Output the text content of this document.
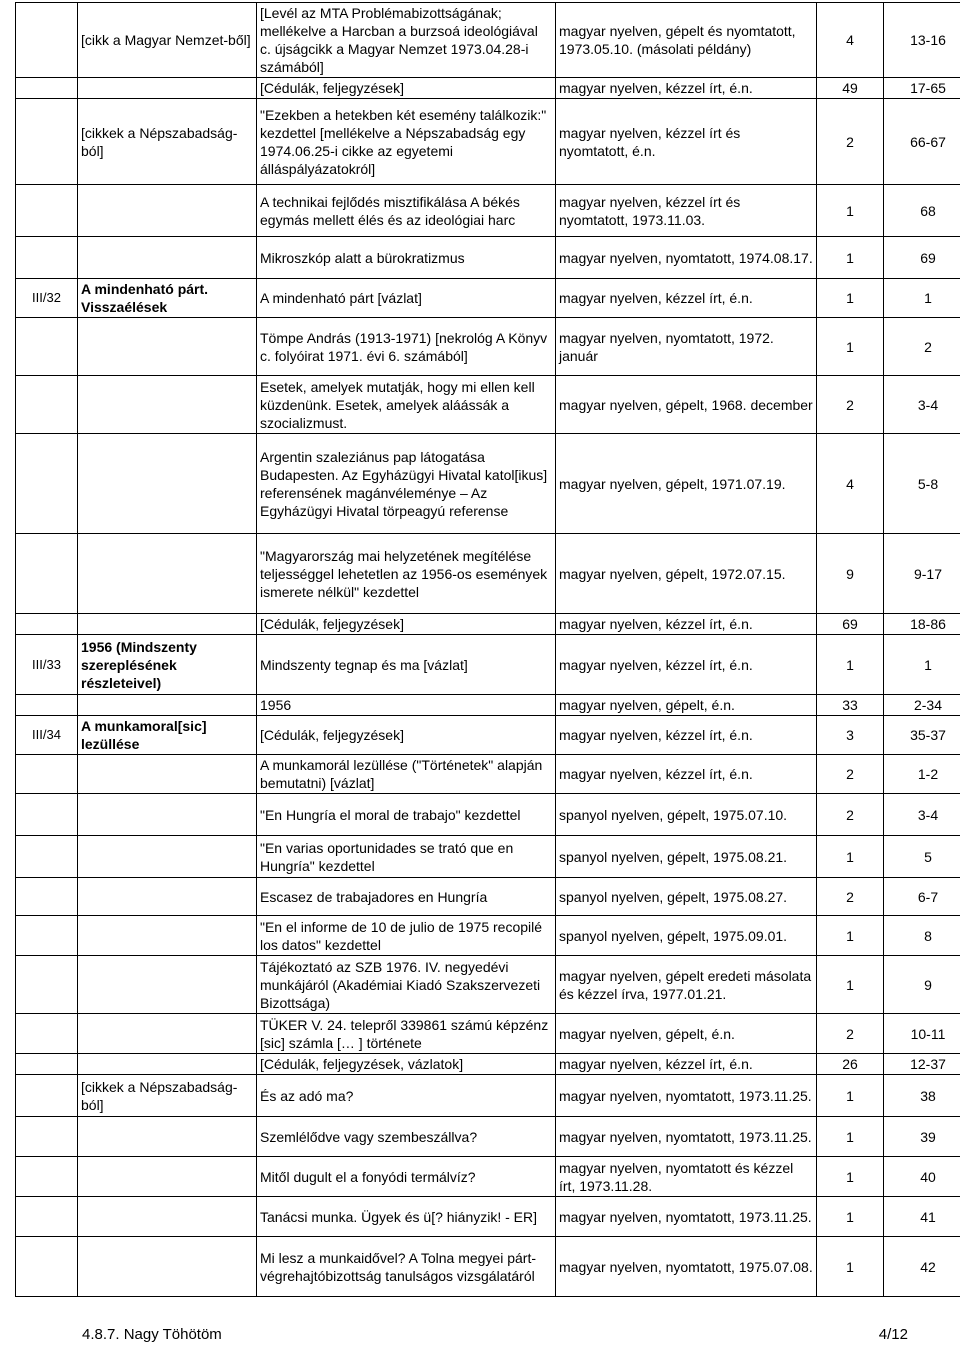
	[cikk a Magyar Nemzet-ből]	[Levél az MTA Problémabizottságának; mellékelve a Harcban a burzsoá ideológiával c. újságcikk a Magyar Nemzet 1973.04.28-i számából]	magyar nyelven, gépelt és nyomtatott, 1973.05.10. (másolati példány)	4	13-16
		[Cédulák, feljegyzések]	magyar nyelven, kézzel írt, é.n.	49	17-65
	[cikkek a Népszabadság-ból]	"Ezekben a hetekben két esemény találkozik:" kezdettel [mellékelve a Népszabadság egy 1974.06.25-i cikke az egyetemi álláspályázatokról]	magyar nyelven, kézzel írt és nyomtatott, é.n.	2	66-67
		A technikai fejlődés misztifikálása A békés egymás mellett élés és az ideológiai harc	magyar nyelven, kézzel írt és nyomtatott, 1973.11.03.	1	68
		Mikroszkóp alatt a bürokratizmus	magyar nyelven, nyomtatott, 1974.08.17.	1	69
III/32	A mindenható párt. Visszaélések	A mindenható párt [vázlat]	magyar nyelven, kézzel írt, é.n.	1	1
		Tömpe András (1913-1971) [nekrológ A Könyv c. folyóirat 1971. évi 6. számából]	magyar nyelven, nyomtatott, 1972. január	1	2
		Esetek, amelyek mutatják, hogy mi ellen kell küzdenünk. Esetek, amelyek aláássák a szocializmust.	magyar nyelven, gépelt, 1968. december	2	3-4
		Argentin szaleziánus pap látogatása Budapesten. Az Egyházügyi Hivatal katol[ikus] referensének magánvéleménye – Az Egyházügyi Hivatal törpeagyú referense	magyar nyelven, gépelt, 1971.07.19.	4	5-8
		"Magyarország mai helyzetének megítélése teljességgel lehetetlen az 1956-os események ismerete nélkül" kezdettel	magyar nyelven, gépelt, 1972.07.15.	9	9-17
		[Cédulák, feljegyzések]	magyar nyelven, kézzel írt, é.n.	69	18-86
III/33	1956 (Mindszenty szereplésének részleteivel)	Mindszenty tegnap és ma [vázlat]	magyar nyelven, kézzel írt, é.n.	1	1
		1956	magyar nyelven, gépelt, é.n.	33	2-34
III/34	A munkamoral[sic] lezüllése	[Cédulák, feljegyzések]	magyar nyelven, kézzel írt, é.n.	3	35-37
		A munkamorál lezüllése ("Történetek" alapján bemutatni) [vázlat]	magyar nyelven, kézzel írt, é.n.	2	1-2
		"En Hungría el moral de trabajo" kezdettel	spanyol nyelven, gépelt, 1975.07.10.	2	3-4
		"En varias oportunidades se trató que en Hungría" kezdettel	spanyol nyelven, gépelt, 1975.08.21.	1	5
		Escasez de trabajadores en Hungría	spanyol nyelven, gépelt, 1975.08.27.	2	6-7
		"En el informe de 10 de julio de 1975 recopilé los datos" kezdettel	spanyol nyelven, gépelt, 1975.09.01.	1	8
		Tájékoztató az SZB 1976. IV. negyedévi munkájáról (Akadémiai Kiadó Szakszervezeti Bizottsága)	magyar nyelven, gépelt eredeti másolata és kézzel írva, 1977.01.21.	1	9
		TÜKER V. 24. telepről 339861 számú képzénz [sic] számla [… ] története	magyar nyelven, gépelt, é.n.	2	10-11
		[Cédulák, feljegyzések, vázlatok]	magyar nyelven, kézzel írt, é.n.	26	12-37
	[cikkek a Népszabadság-ból]	És az adó ma?	magyar nyelven, nyomtatott, 1973.11.25.	1	38
		Szemlélődve vagy szembeszállva?	magyar nyelven, nyomtatott, 1973.11.25.	1	39
		Mitől dugult el a fonyódi termálvíz?	magyar nyelven, nyomtatott és kézzel írt, 1973.11.28.	1	40
		Tanácsi munka. Ügyek és ü[? hiányzik! - ER]	magyar nyelven, nyomtatott, 1973.11.25.	1	41
		Mi lesz a munkaidővel? A Tolna megyei párt-végrehajtóbizottság tanulságos vizsgálatáról	magyar nyelven, nyomtatott, 1975.07.08.	1	42
4.8.7. Nagy Töhötöm	4/12
